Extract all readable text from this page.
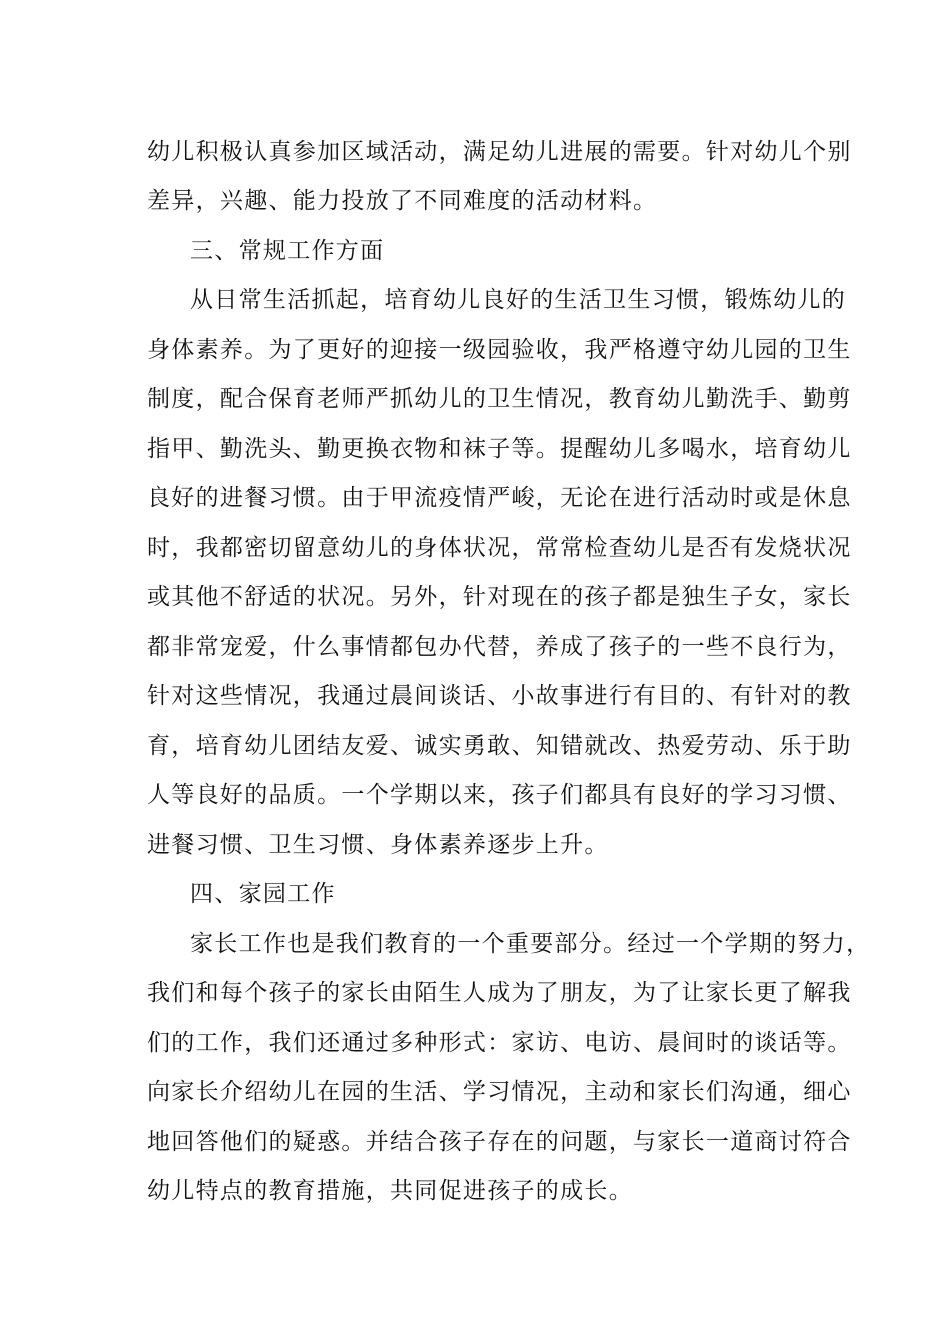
幼儿积极认真参加区域活动，满足幼儿进展的需要。针对幼儿个别
差异，兴趣、能力投放了不同难度的活动材料。
三、常规工作方面
从日常生活抓起，培育幼儿良好的生活卫生习惯，锻炼幼儿的
身体素养。为了更好的迎接一级园验收，我严格遵守幼儿园的卫生
制度，配合保育老师严抓幼儿的卫生情况，教育幼儿勤洗手、勤剪
指甲、勤洗头、勤更换衣物和袜子等。提醒幼儿多喝水，培育幼儿
良好的进餐习惯。由于甲流疫情严峻，无论在进行活动时或是休息
时，我都密切留意幼儿的身体状况，常常检查幼儿是否有发烧状况
或其他不舒适的状况。另外，针对现在的孩子都是独生子女，家长
都非常宠爱，什么事情都包办代替，养成了孩子的一些不良行为，
针对这些情况，我通过晨间谈话、小故事进行有目的、有针对的教
育，培育幼儿团结友爱、诚实勇敢、知错就改、热爱劳动、乐于助
人等良好的品质。一个学期以来，孩子们都具有良好的学习习惯、
进餐习惯、卫生习惯、身体素养逐步上升。
四、家园工作
家长工作也是我们教育的一个重要部分。经过一个学期的努力，
我们和每个孩子的家长由陌生人成为了朋友，为了让家长更了解我
们的工作，我们还通过多种形式：家访、电访、晨间时的谈话等。
向家长介绍幼儿在园的生活、学习情况，主动和家长们沟通，细心
地回答他们的疑惑。并结合孩子存在的问题，与家长一道商讨符合
幼儿特点的教育措施，共同促进孩子的成长。
